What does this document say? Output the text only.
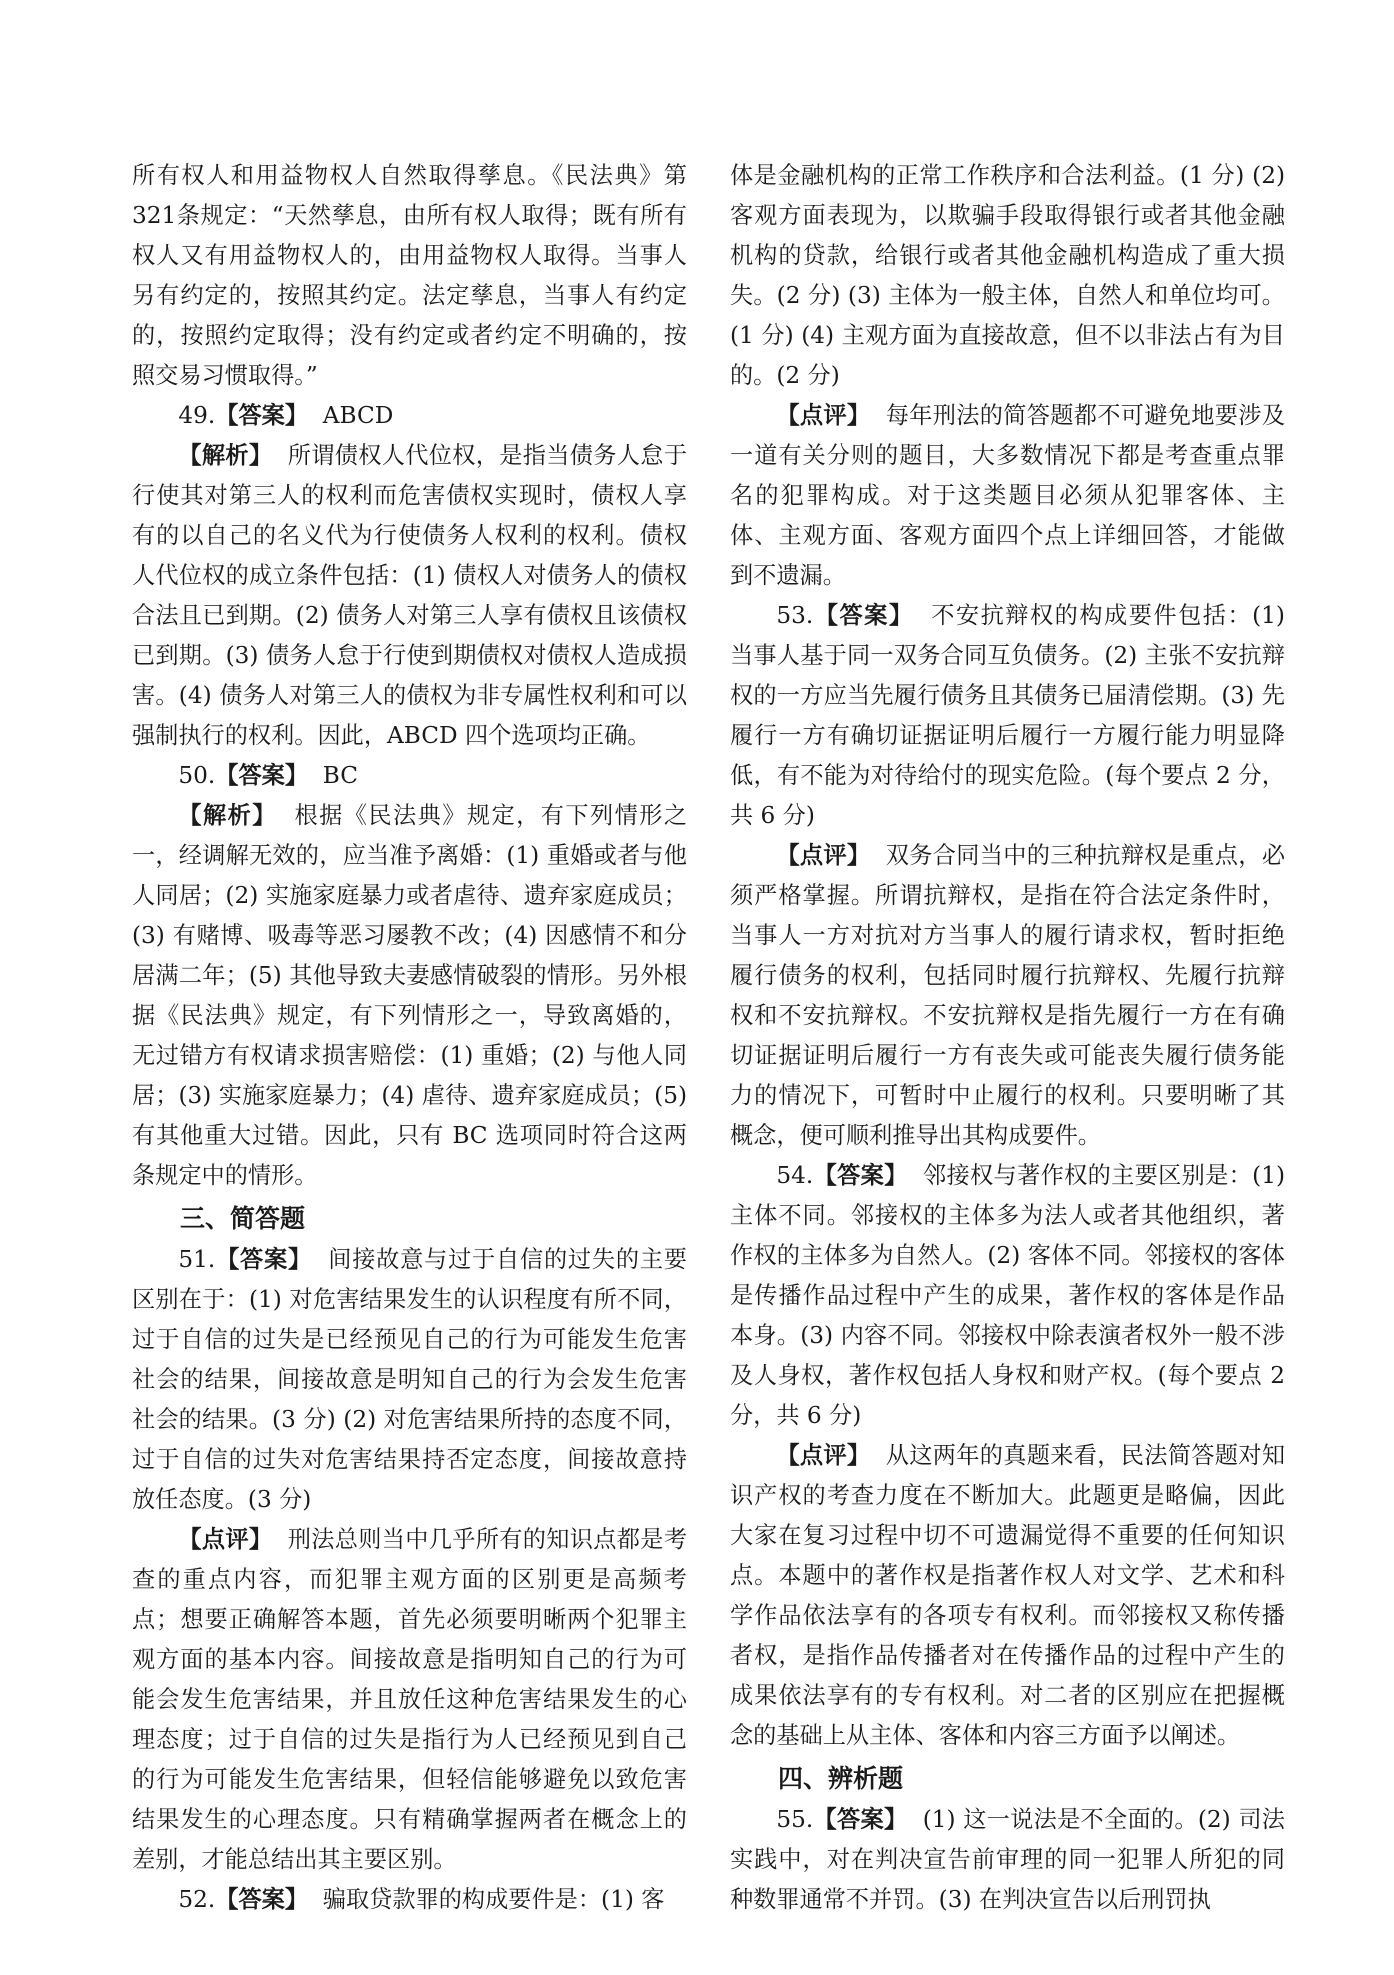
所有权人和用益物权人自然取得孳息。《民法典》第321条规定：“天然孳息，由所有权人取得；既有所有权人又有用益物权人的，由用益物权人取得。当事人另有约定的，按照其约定。法定孳息，当事人有约定的，按照约定取得；没有约定或者约定不明确的，按照交易习惯取得。”

49.【答案】 ABCD

【解析】 所谓债权人代位权，是指当债务人怠于行使其对第三人的权利而危害债权实现时，债权人享有的以自己的名义代为行使债务人权利的权利。债权人代位权的成立条件包括：(1) 债权人对债务人的债权合法且已到期。(2) 债务人对第三人享有债权且该债权已到期。(3) 债务人怠于行使到期债权对债权人造成损害。(4) 债务人对第三人的债权为非专属性权利和可以强制执行的权利。因此，ABCD 四个选项均正确。

50.【答案】 BC

【解析】 根据《民法典》规定，有下列情形之一，经调解无效的，应当准予离婚：(1) 重婚或者与他人同居；(2) 实施家庭暴力或者虐待、遗弃家庭成员；(3) 有赌博、吸毒等恶习屡教不改；(4) 因感情不和分居满二年；(5) 其他导致夫妻感情破裂的情形。另外根据《民法典》规定，有下列情形之一，导致离婚的，无过错方有权请求损害赔偿：(1) 重婚；(2) 与他人同居；(3) 实施家庭暴力；(4) 虐待、遗弃家庭成员；(5) 有其他重大过错。因此，只有 BC 选项同时符合这两条规定中的情形。

三、简答题

51.【答案】 间接故意与过于自信的过失的主要区别在于：(1) 对危害结果发生的认识程度有所不同，过于自信的过失是已经预见自己的行为可能发生危害社会的结果，间接故意是明知自己的行为会发生危害社会的结果。(3 分) (2) 对危害结果所持的态度不同，过于自信的过失对危害结果持否定态度，间接故意持放任态度。(3 分)

【点评】 刑法总则当中几乎所有的知识点都是考查的重点内容，而犯罪主观方面的区别更是高频考点；想要正确解答本题，首先必须要明晰两个犯罪主观方面的基本内容。间接故意是指明知自己的行为可能会发生危害结果，并且放任这种危害结果发生的心理态度；过于自信的过失是指行为人已经预见到自己的行为可能发生危害结果，但轻信能够避免以致危害结果发生的心理态度。只有精确掌握两者在概念上的差别，才能总结出其主要区别。

52.【答案】 骗取贷款罪的构成要件是：(1) 客

体是金融机构的正常工作秩序和合法利益。(1 分) (2) 客观方面表现为，以欺骗手段取得银行或者其他金融机构的贷款，给银行或者其他金融机构造成了重大损失。(2 分) (3) 主体为一般主体，自然人和单位均可。(1 分) (4) 主观方面为直接故意，但不以非法占有为目的。(2 分)

【点评】 每年刑法的简答题都不可避免地要涉及一道有关分则的题目，大多数情况下都是考查重点罪名的犯罪构成。对于这类题目必须从犯罪客体、主体、主观方面、客观方面四个点上详细回答，才能做到不遗漏。

53.【答案】 不安抗辩权的构成要件包括：(1) 当事人基于同一双务合同互负债务。(2) 主张不安抗辩权的一方应当先履行债务且其债务已届清偿期。(3) 先履行一方有确切证据证明后履行一方履行能力明显降低，有不能为对待给付的现实危险。(每个要点 2 分，共 6 分)

【点评】 双务合同当中的三种抗辩权是重点，必须严格掌握。所谓抗辩权，是指在符合法定条件时，当事人一方对抗对方当事人的履行请求权，暂时拒绝履行债务的权利，包括同时履行抗辩权、先履行抗辩权和不安抗辩权。不安抗辩权是指先履行一方在有确切证据证明后履行一方有丧失或可能丧失履行债务能力的情况下，可暂时中止履行的权利。只要明晰了其概念，便可顺利推导出其构成要件。

54.【答案】 邻接权与著作权的主要区别是：(1) 主体不同。邻接权的主体多为法人或者其他组织，著作权的主体多为自然人。(2) 客体不同。邻接权的客体是传播作品过程中产生的成果，著作权的客体是作品本身。(3) 内容不同。邻接权中除表演者权外一般不涉及人身权，著作权包括人身权和财产权。(每个要点 2 分，共 6 分)

【点评】 从这两年的真题来看，民法简答题对知识产权的考查力度在不断加大。此题更是略偏，因此大家在复习过程中切不可遗漏觉得不重要的任何知识点。本题中的著作权是指著作权人对文学、艺术和科学作品依法享有的各项专有权利。而邻接权又称传播者权，是指作品传播者对在传播作品的过程中产生的成果依法享有的专有权利。对二者的区别应在把握概念的基础上从主体、客体和内容三方面予以阐述。

四、辨析题

55.【答案】 (1) 这一说法是不全面的。(2) 司法实践中，对在判决宣告前审理的同一犯罪人所犯的同种数罪通常不并罚。(3) 在判决宣告以后刑罚执
